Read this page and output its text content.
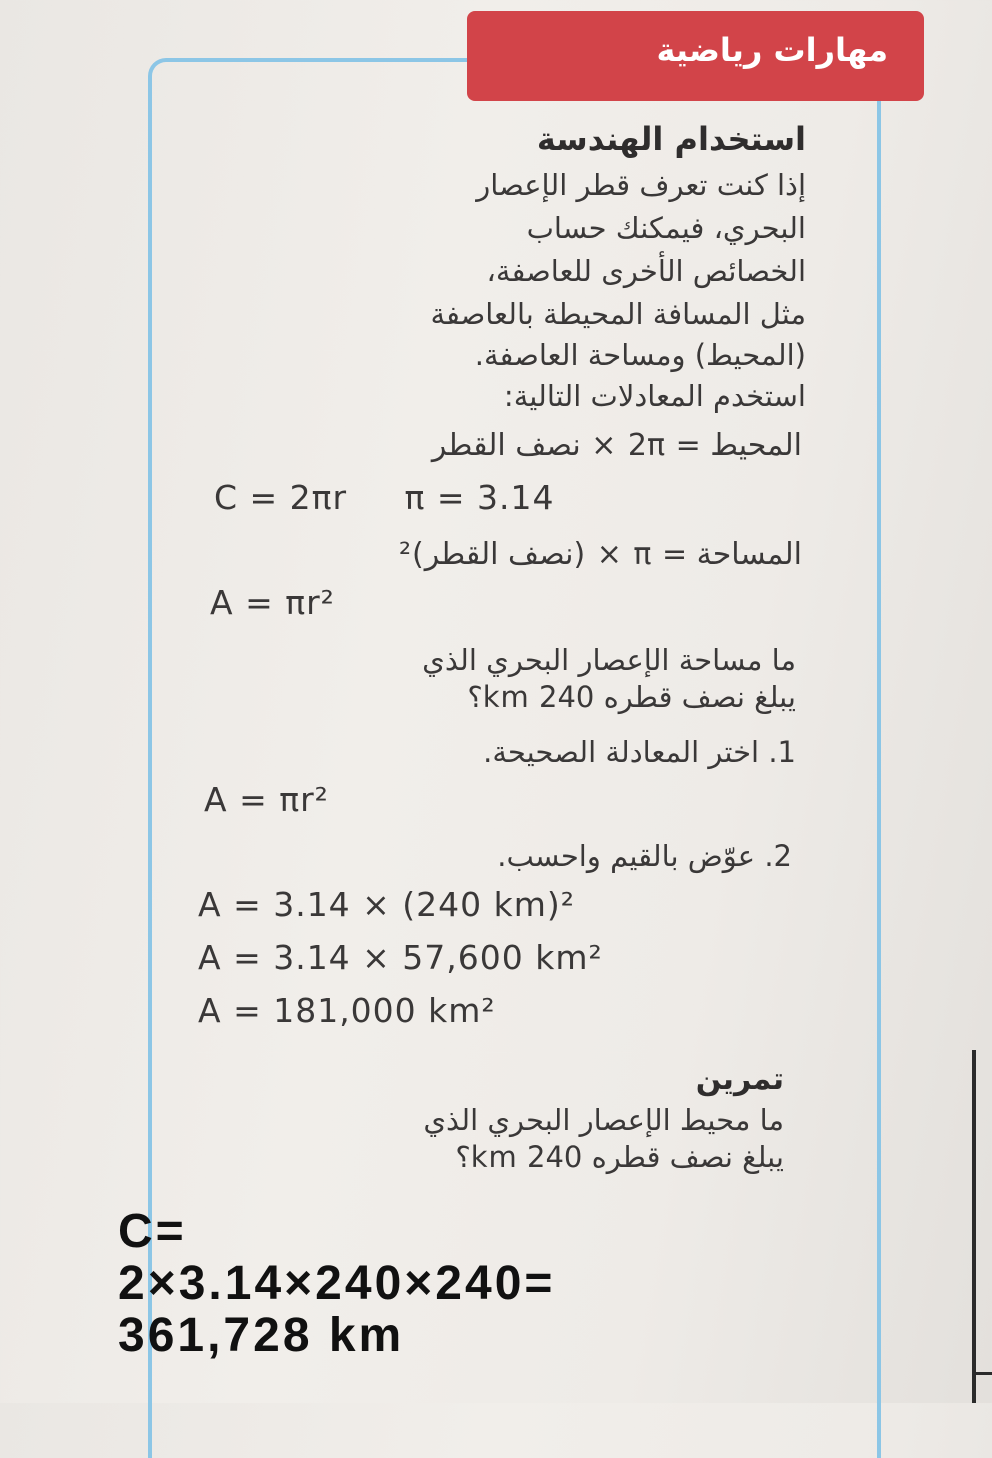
مهارات رياضية
استخدام الهندسة
إذا كنت تعرف قطر الإعصار
البحري، فيمكنك حساب
الخصائص الأخرى للعاصفة،
مثل المسافة المحيطة بالعاصفة
(المحيط) ومساحة العاصفة.
استخدم المعادلات التالية:
المحيط = 2π × نصف القطر
C = 2πr     π = 3.14
المساحة = π × (نصف القطر)²
A = πr²
ما مساحة الإعصار البحري الذي
يبلغ نصف قطره 240 km؟
1. اختر المعادلة الصحيحة.
A = πr²
2. عوّض بالقيم واحسب.
A = 3.14 × (240 km)²
A = 3.14 × 57,600 km²
A = 181,000 km²
تمرين
ما محيط الإعصار البحري الذي
يبلغ نصف قطره 240 km؟
C=
2×3.14×240×240=
361,728 km
